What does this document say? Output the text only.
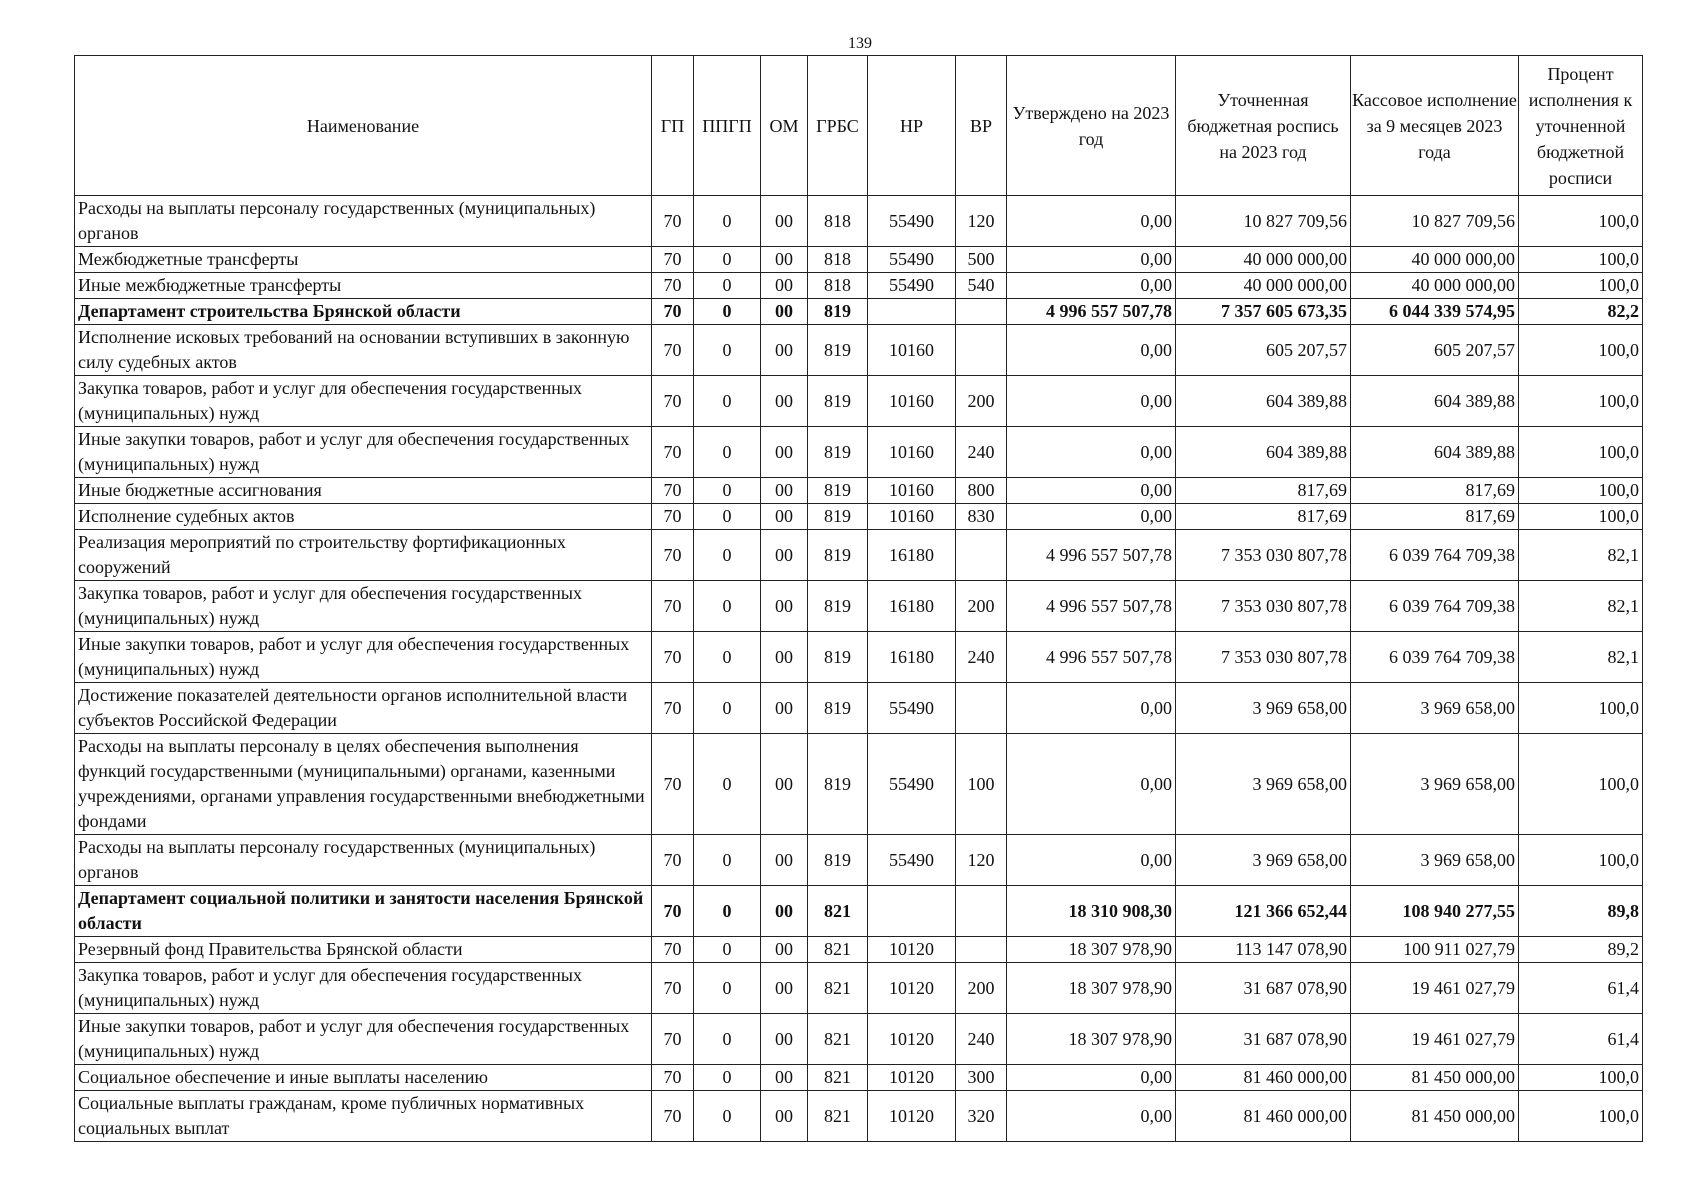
139
Наименование	ГП	ППГП	ОМ	ГРБС	НР	ВР	Утверждено на 2023 год	Уточненная бюджетная роспись на 2023 год	Кассовое исполнение за 9 месяцев 2023 года	Процент исполнения к уточненной бюджетной росписи
Расходы на выплаты персоналу государственных (муниципальных) органов	70	0	00	818	55490	120	0,00	10 827 709,56	10 827 709,56	100,0
Межбюджетные трансферты	70	0	00	818	55490	500	0,00	40 000 000,00	40 000 000,00	100,0
Иные межбюджетные трансферты	70	0	00	818	55490	540	0,00	40 000 000,00	40 000 000,00	100,0
Департамент строительства Брянской области	70	0	00	819			4 996 557 507,78	7 357 605 673,35	6 044 339 574,95	82,2
Исполнение исковых требований на основании вступивших в законную силу судебных актов	70	0	00	819	10160		0,00	605 207,57	605 207,57	100,0
Закупка товаров, работ и услуг для обеспечения государственных (муниципальных) нужд	70	0	00	819	10160	200	0,00	604 389,88	604 389,88	100,0
Иные закупки товаров, работ и услуг для обеспечения государственных (муниципальных) нужд	70	0	00	819	10160	240	0,00	604 389,88	604 389,88	100,0
Иные бюджетные ассигнования	70	0	00	819	10160	800	0,00	817,69	817,69	100,0
Исполнение судебных актов	70	0	00	819	10160	830	0,00	817,69	817,69	100,0
Реализация мероприятий по строительству фортификационных сооружений	70	0	00	819	16180		4 996 557 507,78	7 353 030 807,78	6 039 764 709,38	82,1
Закупка товаров, работ и услуг для обеспечения государственных (муниципальных) нужд	70	0	00	819	16180	200	4 996 557 507,78	7 353 030 807,78	6 039 764 709,38	82,1
Иные закупки товаров, работ и услуг для обеспечения государственных (муниципальных) нужд	70	0	00	819	16180	240	4 996 557 507,78	7 353 030 807,78	6 039 764 709,38	82,1
Достижение показателей деятельности органов исполнительной власти субъектов Российской Федерации	70	0	00	819	55490		0,00	3 969 658,00	3 969 658,00	100,0
Расходы на выплаты персоналу в целях обеспечения выполнения функций государственными (муниципальными) органами, казенными учреждениями, органами управления государственными внебюджетными фондами	70	0	00	819	55490	100	0,00	3 969 658,00	3 969 658,00	100,0
Расходы на выплаты персоналу государственных (муниципальных) органов	70	0	00	819	55490	120	0,00	3 969 658,00	3 969 658,00	100,0
Департамент социальной политики и занятости населения Брянской области	70	0	00	821			18 310 908,30	121 366 652,44	108 940 277,55	89,8
Резервный фонд Правительства Брянской области	70	0	00	821	10120		18 307 978,90	113 147 078,90	100 911 027,79	89,2
Закупка товаров, работ и услуг для обеспечения государственных (муниципальных) нужд	70	0	00	821	10120	200	18 307 978,90	31 687 078,90	19 461 027,79	61,4
Иные закупки товаров, работ и услуг для обеспечения государственных (муниципальных) нужд	70	0	00	821	10120	240	18 307 978,90	31 687 078,90	19 461 027,79	61,4
Социальное обеспечение и иные выплаты населению	70	0	00	821	10120	300	0,00	81 460 000,00	81 450 000,00	100,0
Социальные выплаты гражданам, кроме публичных нормативных социальных выплат	70	0	00	821	10120	320	0,00	81 460 000,00	81 450 000,00	100,0
